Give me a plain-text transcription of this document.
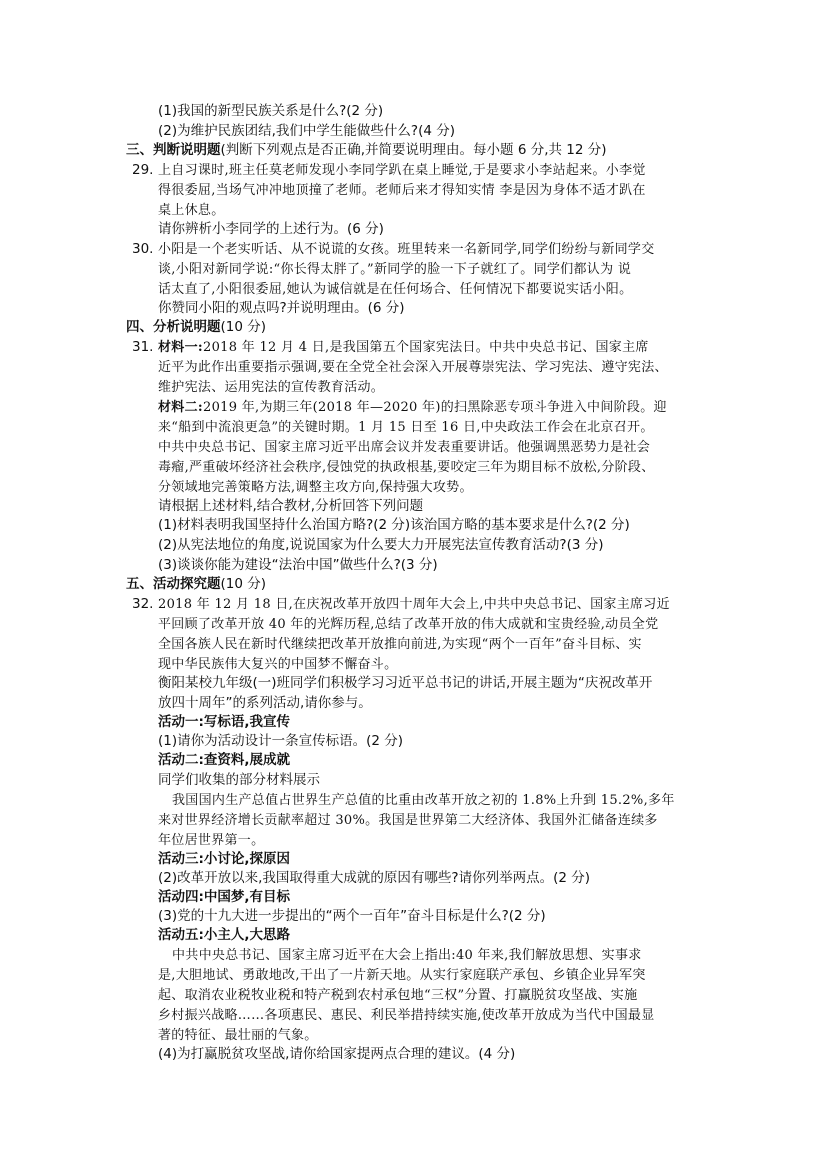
(1)我国的新型民族关系是什么?(2 分)
(2)为维护民族团结,我们中学生能做些什么?(4 分)
三、判断说明题(判断下列观点是否正确,并简要说明理由。每小题 6 分,共 12 分)
29. 上自习课时,班主任莫老师发现小李同学趴在桌上睡觉,于是要求小李站起来。小李觉
得很委屈,当场气冲冲地顶撞了老师。老师后来才得知实情 李是因为身体不适才趴在
桌上休息。
请你辨析小李同学的上述行为。(6 分)
30. 小阳是一个老实听话、从不说谎的女孩。班里转来一名新同学,同学们纷纷与新同学交
谈,小阳对新同学说:“你长得太胖了。”新同学的脸一下子就红了。同学们都认为 说
话太直了,小阳很委屈,她认为诚信就是在任何场合、任何情况下都要说实话小阳。
你赞同小阳的观点吗?并说明理由。(6 分)
四、分析说明题(10 分)
31. 材料一:2018 年 12 月 4 日,是我国第五个国家宪法日。中共中央总书记、国家主席
近平为此作出重要指示强调,要在全党全社会深入开展尊崇宪法、学习宪法、遵守宪法、
维护宪法、运用宪法的宣传教育活动。
材料二:2019 年,为期三年(2018 年—2020 年)的扫黑除恶专项斗争进入中间阶段。迎
来“船到中流浪更急”的关键时期。1 月 15 日至 16 日,中央政法工作会在北京召开。
中共中央总书记、国家主席习近平出席会议并发表重要讲话。他强调黑恶势力是社会
毒瘤,严重破坏经济社会秩序,侵蚀党的执政根基,要咬定三年为期目标不放松,分阶段、
分领域地完善策略方法,调整主攻方向,保持强大攻势。
请根据上述材料,结合教材,分析回答下列问题
(1)材料表明我国坚持什么治国方略?(2 分)该治国方略的基本要求是什么?(2 分)
(2)从宪法地位的角度,说说国家为什么要大力开展宪法宣传教育活动?(3 分)
(3)谈谈你能为建设“法治中国”做些什么?(3 分)
五、活动探究题(10 分)
32. 2018 年 12 月 18 日,在庆祝改革开放四十周年大会上,中共中央总书记、国家主席习近
平回顾了改革开放 40 年的光辉历程,总结了改革开放的伟大成就和宝贵经验,动员全党
全国各族人民在新时代继续把改革开放推向前进,为实现“两个一百年”奋斗目标、实
现中华民族伟大复兴的中国梦不懈奋斗。
衡阳某校九年级(一)班同学们积极学习习近平总书记的讲话,开展主题为“庆祝改革开
放四十周年”的系列活动,请你参与。
活动一:写标语,我宣传
(1)请你为活动设计一条宣传标语。(2 分)
活动二:查资料,展成就
同学们收集的部分材料展示
我国国内生产总值占世界生产总值的比重由改革开放之初的 1.8%上升到 15.2%,多年
来对世界经济增长贡献率超过 30%。我国是世界第二大经济体、我国外汇储备连续多
年位居世界第一。
活动三:小讨论,探原因
(2)改革开放以来,我国取得重大成就的原因有哪些?请你列举两点。(2 分)
活动四:中国梦,有目标
(3)党的十九大进一步提出的“两个一百年”奋斗目标是什么?(2 分)
活动五:小主人,大思路
中共中央总书记、国家主席习近平在大会上指出:40 年来,我们解放思想、实事求
是,大胆地试、勇敢地改,干出了一片新天地。从实行家庭联产承包、乡镇企业异军突
起、取消农业税牧业税和特产税到农村承包地“三权”分置、打赢脱贫攻坚战、实施
乡村振兴战略……各项惠民、惠民、利民举措持续实施,使改革开放成为当代中国最显
著的特征、最壮丽的气象。
(4)为打赢脱贫攻坚战,请你给国家提两点合理的建议。(4 分)
